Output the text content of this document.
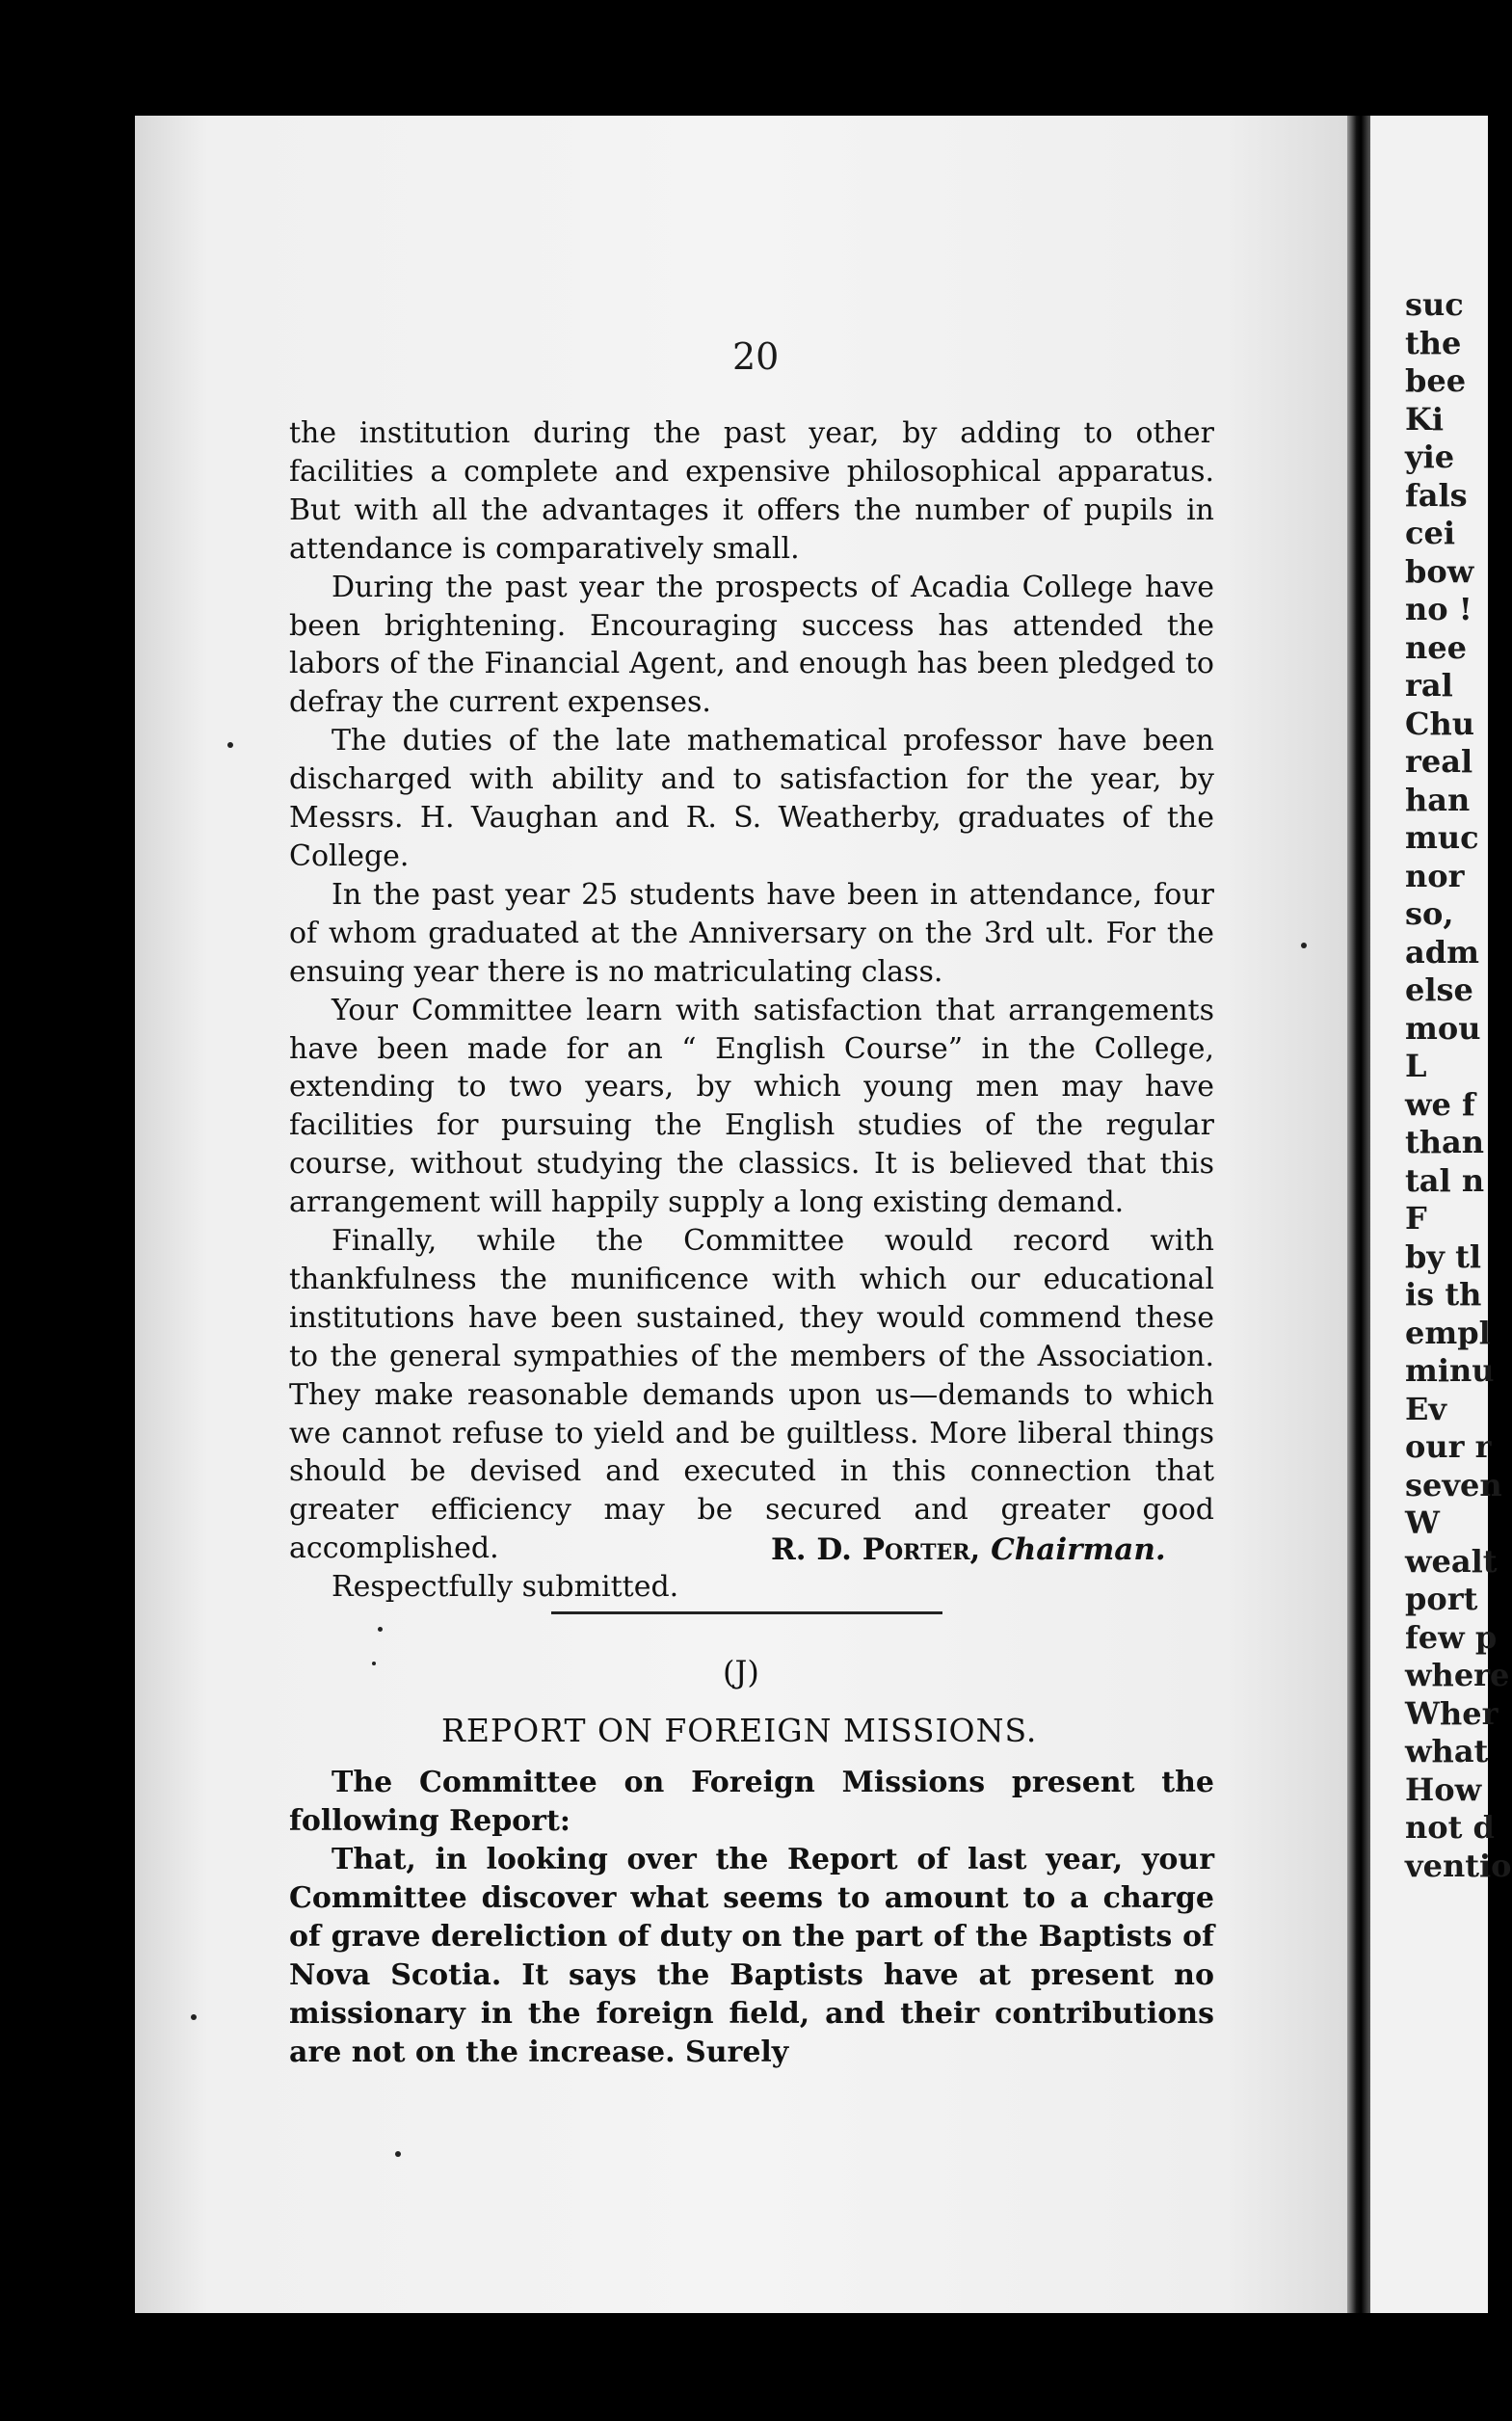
suc
the
bee
Ki
yie
fals
cei
bow
no !
nee
ral
Chu
real
han
muc
nor
so,
adm
else
mou
L
we f
than
tal n
F
by tl
is th
empl
minu
Ev
our r
seven
W
wealt
port
few p
where
Wher
what
How
not d
ventio
20

the institution during the past year, by adding to other facilities a complete and expensive philosophical apparatus. But with all the advantages it offers the number of pupils in attendance is comparatively small.

During the past year the prospects of Acadia College have been brightening. Encouraging success has attended the labors of the Financial Agent, and enough has been pledged to defray the current expenses.

The duties of the late mathematical professor have been discharged with ability and to satisfaction for the year, by Messrs. H. Vaughan and R. S. Weatherby, graduates of the College.

In the past year 25 students have been in attendance, four of whom graduated at the Anniversary on the 3rd ult. For the ensuing year there is no matriculating class.

Your Committee learn with satisfaction that arrangements have been made for an “ English Course” in the College, extending to two years, by which young men may have facilities for pursuing the English studies of the regular course, without studying the classics. It is believed that this arrangement will happily supply a long existing demand.

Finally, while the Committee would record with thankfulness the munificence with which our educational institutions have been sustained, they would commend these to the general sympathies of the members of the Association. They make reasonable demands upon us—demands to which we cannot refuse to yield and be guiltless. More liberal things should be devised and executed in this connection that greater efficiency may be secured and greater good accomplished.

Respectfully submitted.

R. D. Porter, Chairman.
(J)
REPORT ON FOREIGN MISSIONS.

The Committee on Foreign Missions present the following Report:

That, in looking over the Report of last year, your Committee discover what seems to amount to a charge of grave dereliction of duty on the part of the Baptists of Nova Scotia. It says the Baptists have at present no missionary in the foreign field, and their contributions are not on the increase. Surely
